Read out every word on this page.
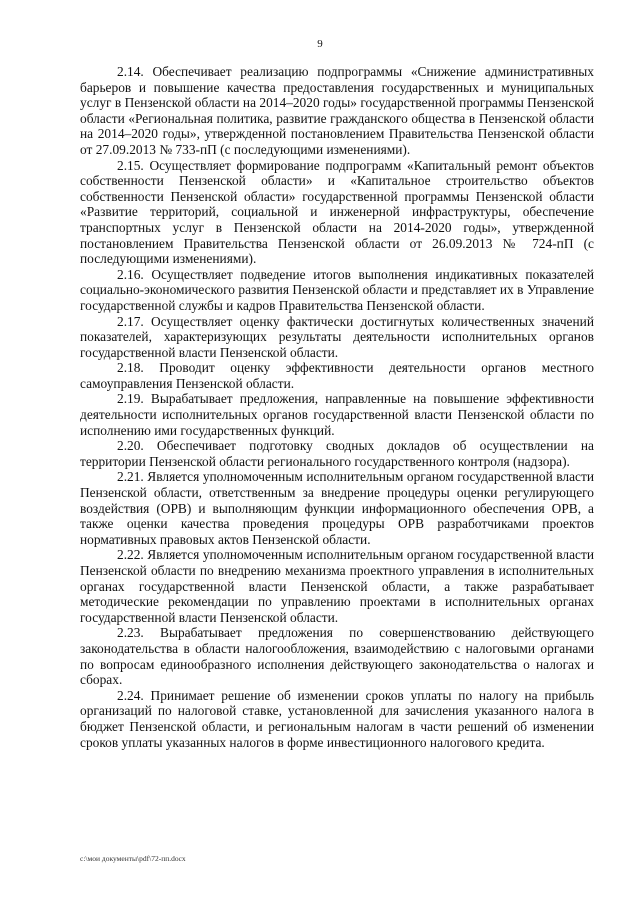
9

2.14. Обеспечивает реализацию подпрограммы «Снижение административных барьеров и повышение качества предоставления государственных и муниципальных услуг в Пензенской области на 2014–2020 годы» государственной программы Пензенской области «Региональная политика, развитие гражданского общества в Пензенской области на 2014–2020 годы», утвержденной постановлением Правительства Пензенской области от 27.09.2013 № 733-пП (с последующими изменениями).

2.15. Осуществляет формирование подпрограмм «Капитальный ремонт объектов собственности Пензенской области» и «Капитальное строительство объектов собственности Пензенской области» государственной программы Пензенской области «Развитие территорий, социальной и инженерной инфраструктуры, обеспечение транспортных услуг в Пензенской области на 2014-2020 годы», утвержденной постановлением Правительства Пензенской области от 26.09.2013 № 724-пП (с последующими изменениями).

2.16. Осуществляет подведение итогов выполнения индикативных показателей социально-экономического развития Пензенской области и представляет их в Управление государственной службы и кадров Правительства Пензенской области.

2.17. Осуществляет оценку фактически достигнутых количественных значений показателей, характеризующих результаты деятельности исполнительных органов государственной власти Пензенской области.

2.18. Проводит оценку эффективности деятельности органов местного самоуправления Пензенской области.

2.19. Вырабатывает предложения, направленные на повышение эффективности деятельности исполнительных органов государственной власти Пензенской области по исполнению ими государственных функций.

2.20. Обеспечивает подготовку сводных докладов об осуществлении на территории Пензенской области регионального государственного контроля (надзора).

2.21. Является уполномоченным исполнительным органом государственной власти Пензенской области, ответственным за внедрение процедуры оценки регулирующего воздействия (ОРВ) и выполняющим функции информационного обеспечения ОРВ, а также оценки качества проведения процедуры ОРВ разработчиками проектов нормативных правовых актов Пензенской области.

2.22. Является уполномоченным исполнительным органом государственной власти Пензенской области по внедрению механизма проектного управления в исполнительных органах государственной власти Пензенской области, а также разрабатывает методические рекомендации по управлению проектами в исполнительных органах государственной власти Пензенской области.

2.23. Вырабатывает предложения по совершенствованию действующего законодательства в области налогообложения, взаимодействию с налоговыми органами по вопросам единообразного исполнения действующего законодательства о налогах и сборах.

2.24. Принимает решение об изменении сроков уплаты по налогу на прибыль организаций по налоговой ставке, установленной для зачисления указанного налога в бюджет Пензенской области, и региональным налогам в части решений об изменении сроков уплаты указанных налогов в форме инвестиционного налогового кредита.

c:\мои документы\pdf\72-пп.docx
